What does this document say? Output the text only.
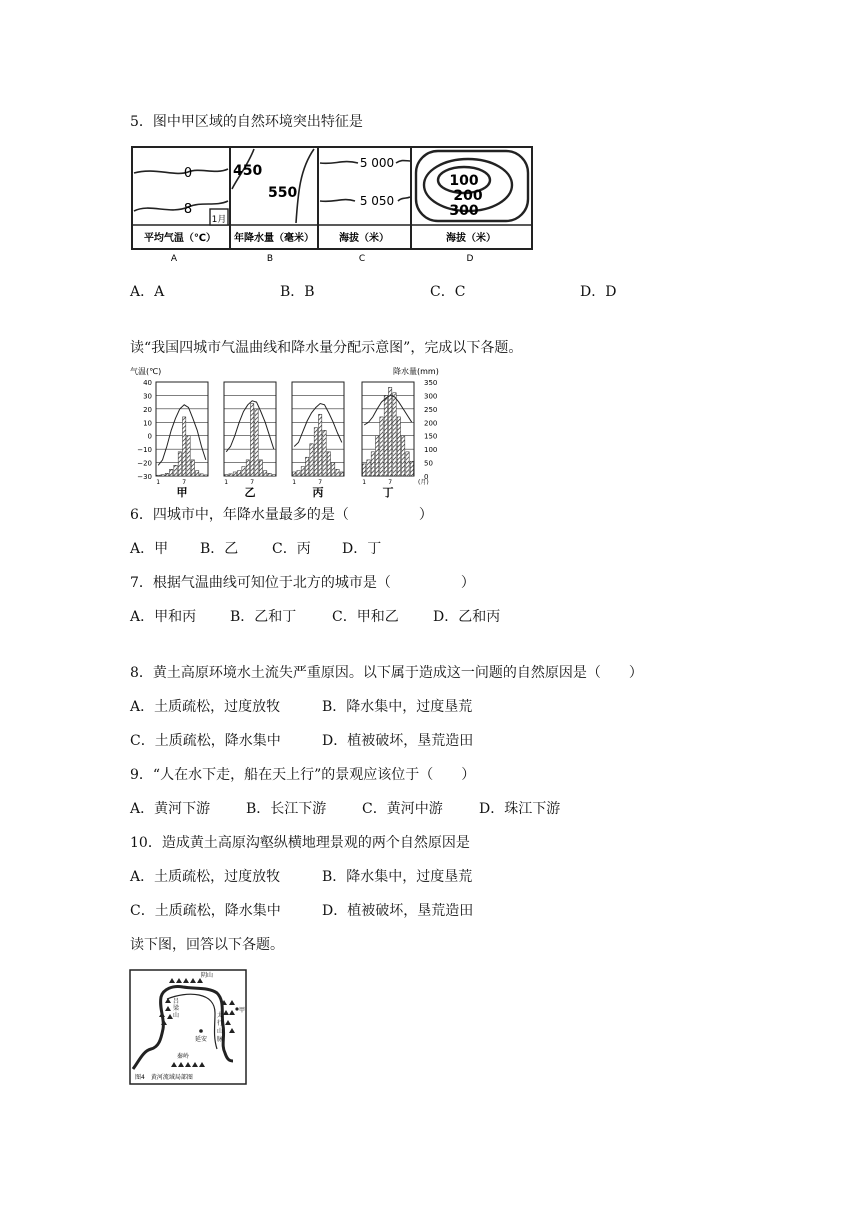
5．图中甲区域的自然环境突出特征是
0
8
1月
450
550
5 000
5 050
100
200
300
平均气温（℃） 年降水量（毫米）	海拔（米）	海拔（米）
A	B	C	D
A．A	B．B	C．C	D．D
读“我国四城市气温曲线和降水量分配示意图”，完成以下各题。
气温(℃)	降水量(mm)
40
30
20
10
0
−10
−20
−30
350
300
250
200
150
100
50
0
1	7
甲
1	7
乙
1	7
丙
1	7
丁
(月)
6．四城市中，年降水量最多的是（　　　　　）
A．甲 B．乙 C．丙 D．丁
7．根据气温曲线可知位于北方的城市是（　　　　　）
A．甲和丙 B．乙和丁	C．甲和乙 D．乙和丙
8．黄土高原环境水土流失严重原因。以下属于造成这一问题的自然原因是（　　）
A．土质疏松，过度放牧	B．降水集中，过度垦荒
C．土质疏松，降水集中	D．植被破坏，垦荒造田
9．“人在水下走，船在天上行”的景观应该位于（　　）
A．黄河下游	B．长江下游	C．黄河中游	D．珠江下游
10．造成黄土高原沟壑纵横地理景观的两个自然原因是
A．土质疏松，过度放牧	B．降水集中，过度垦荒
C．土质疏松，降水集中	D．植被破坏，垦荒造田
读下图，回答以下各题。
阴山
吕
梁
山	太
行
山
脉
延安
秦岭
甲
图4　黄河流域局部图
